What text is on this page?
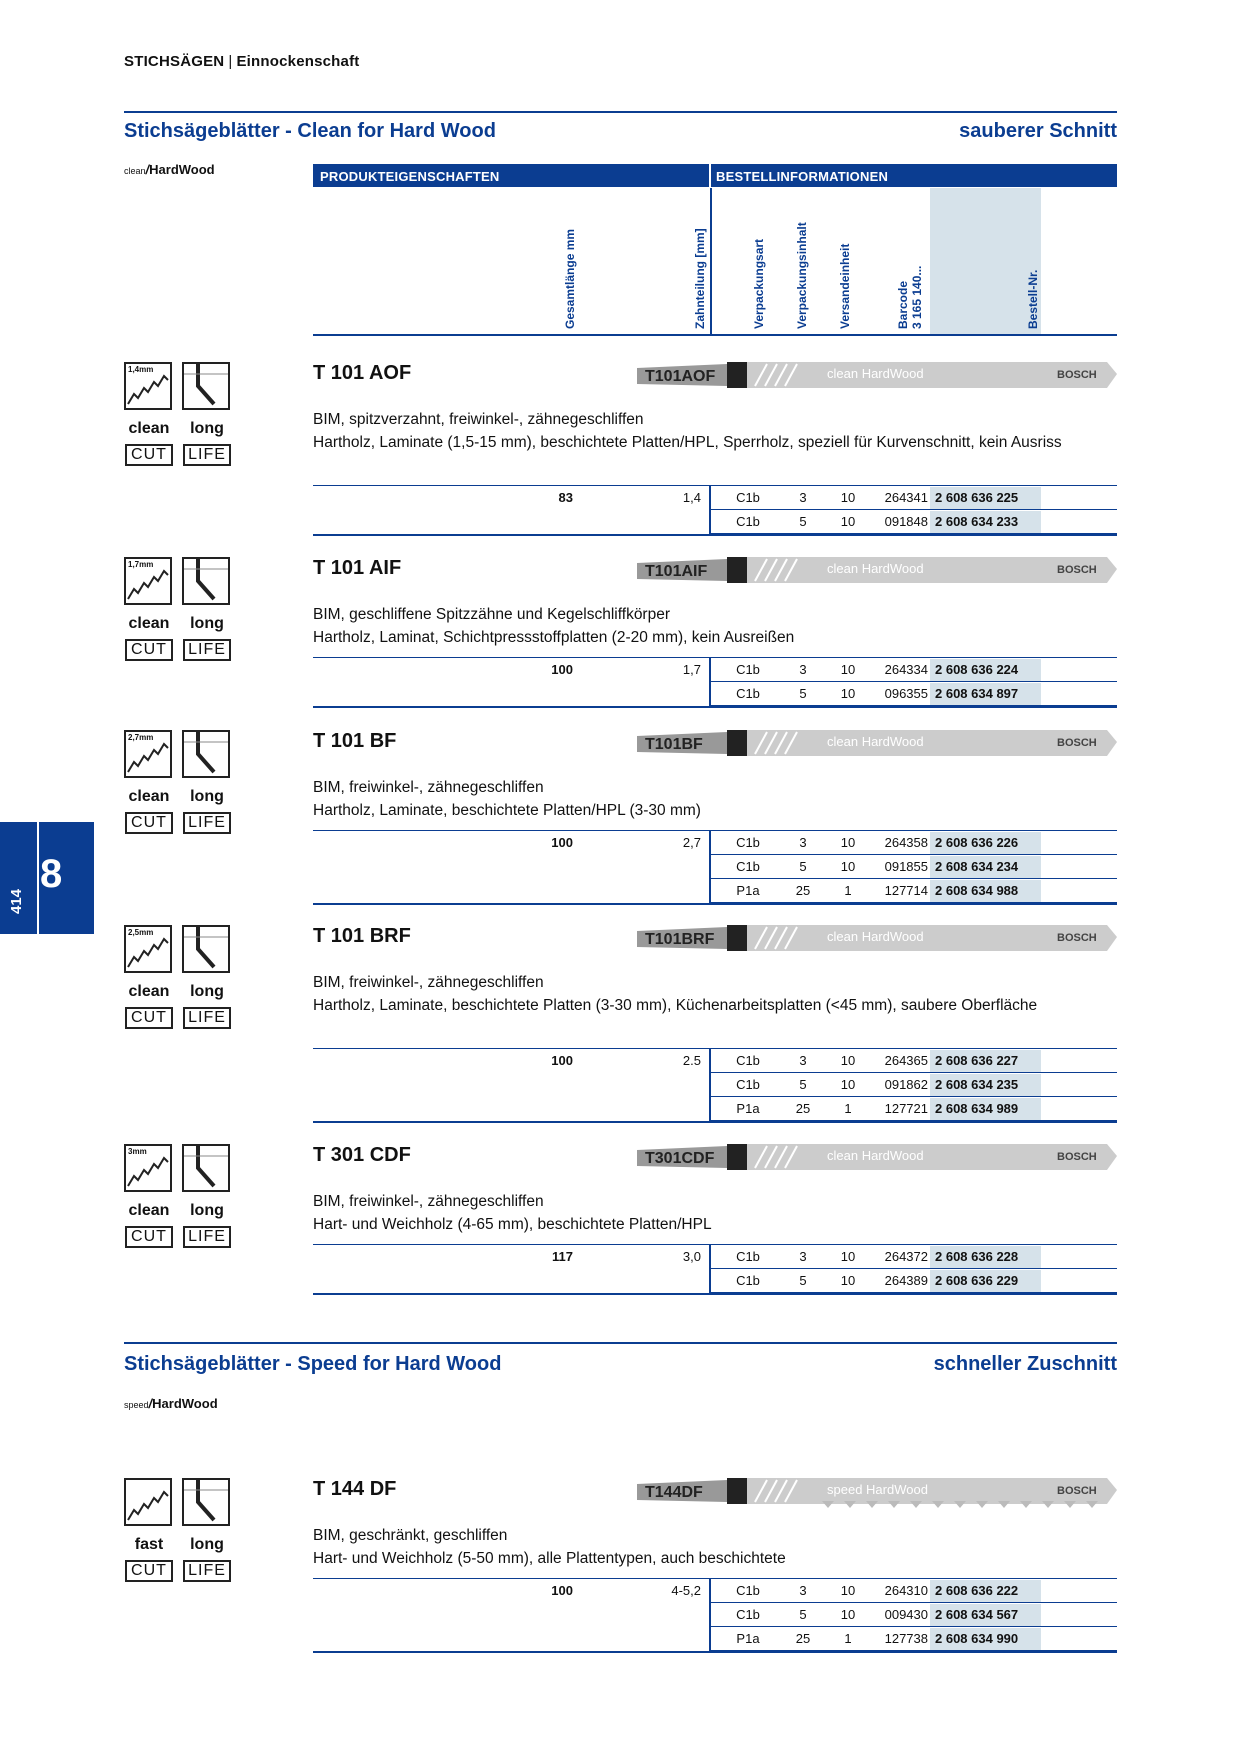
STICHSÄGEN | Einnockenschaft
414
8
Stichsägeblätter - Clean for Hard Wood	sauberer Schnitt
clean/HardWood	PRODUKTEIGENSCHAFTEN	BESTELLINFORMATIONEN
Gesamtlänge mm	Zahnteilung [mm]	Verpackungsart Verpackungsinhalt Versandeinheit	Barcode
3 165 140...	Bestell-Nr.
1,4mm
clean
CUT
long
LIFE
T 101 AOF	T101AOF	clean HardWood	BOSCH
BIM, spitzverzahnt, freiwinkel-, zähnegeschliffen
Hartholz, Laminate (1,5-15 mm), beschichtete Platten/HPL, Sperrholz, speziell für Kurvenschnitt, kein Ausriss
83	1,4	C1b	3	10	264341 2 608 636 225
C1b	5	10	091848 2 608 634 233
1,7mm
clean
CUT
long
LIFE
T 101 AIF	T101AIF	clean HardWood	BOSCH
BIM, geschliffene Spitzzähne und Kegelschliffkörper
Hartholz, Laminat, Schichtpressstoffplatten (2-20 mm), kein Ausreißen
100	1,7	C1b	3	10	264334 2 608 636 224
C1b	5	10	096355 2 608 634 897
2,7mm
clean
CUT
long
LIFE
T 101 BF	T101BF	clean HardWood	BOSCH
BIM, freiwinkel-, zähnegeschliffen
Hartholz, Laminate, beschichtete Platten/HPL (3-30 mm)
100	2,7	C1b	3	10	264358 2 608 636 226
C1b	5	10	091855 2 608 634 234
P1a	25	1	127714 2 608 634 988
2,5mm
clean
CUT
long
LIFE
T 101 BRF	T101BRF	clean HardWood	BOSCH
BIM, freiwinkel-, zähnegeschliffen
Hartholz, Laminate, beschichtete Platten (3-30 mm), Küchenarbeitsplatten (<45 mm), saubere Oberfläche
100	2.5	C1b	3	10	264365 2 608 636 227
C1b	5	10	091862 2 608 634 235
P1a	25	1	127721 2 608 634 989
3mm
clean
CUT
long
LIFE
T 301 CDF	T301CDF	clean HardWood	BOSCH
BIM, freiwinkel-, zähnegeschliffen
Hart- und Weichholz (4-65 mm), beschichtete Platten/HPL
117	3,0	C1b	3	10	264372 2 608 636 228
C1b	5	10	264389 2 608 636 229
Stichsägeblätter - Speed for Hard Wood	schneller Zuschnitt
speed/HardWood
fast
CUT
long
LIFE
T 144 DF	T144DF	speed HardWood	BOSCH
BIM, geschränkt, geschliffen
Hart- und Weichholz (5-50 mm), alle Plattentypen, auch beschichtete
100	4-5,2	C1b	3	10	264310 2 608 636 222
C1b	5	10	009430 2 608 634 567
P1a	25	1	127738 2 608 634 990
